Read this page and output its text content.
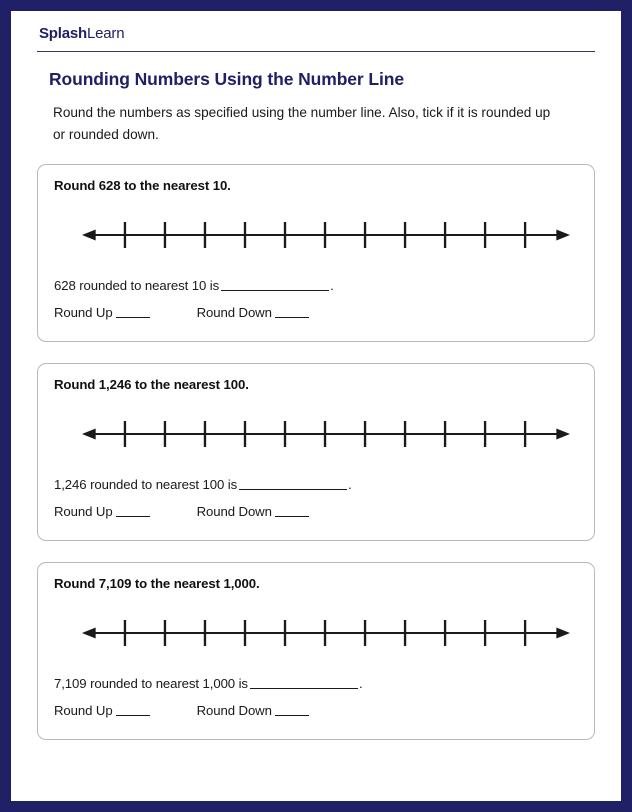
SplashLearn
Rounding Numbers Using the Number Line

Round the numbers as specified using the number line. Also, tick if it is rounded up or rounded down.

Round 628 to the nearest 10.
628 rounded to nearest 10 is	.
Round Up	Round Down
Round 1,246 to the nearest 100.
1,246 rounded to nearest 100 is	.
Round Up	Round Down
Round 7,109 to the nearest 1,000.
7,109 rounded to nearest 1,000 is	.
Round Up	Round Down
